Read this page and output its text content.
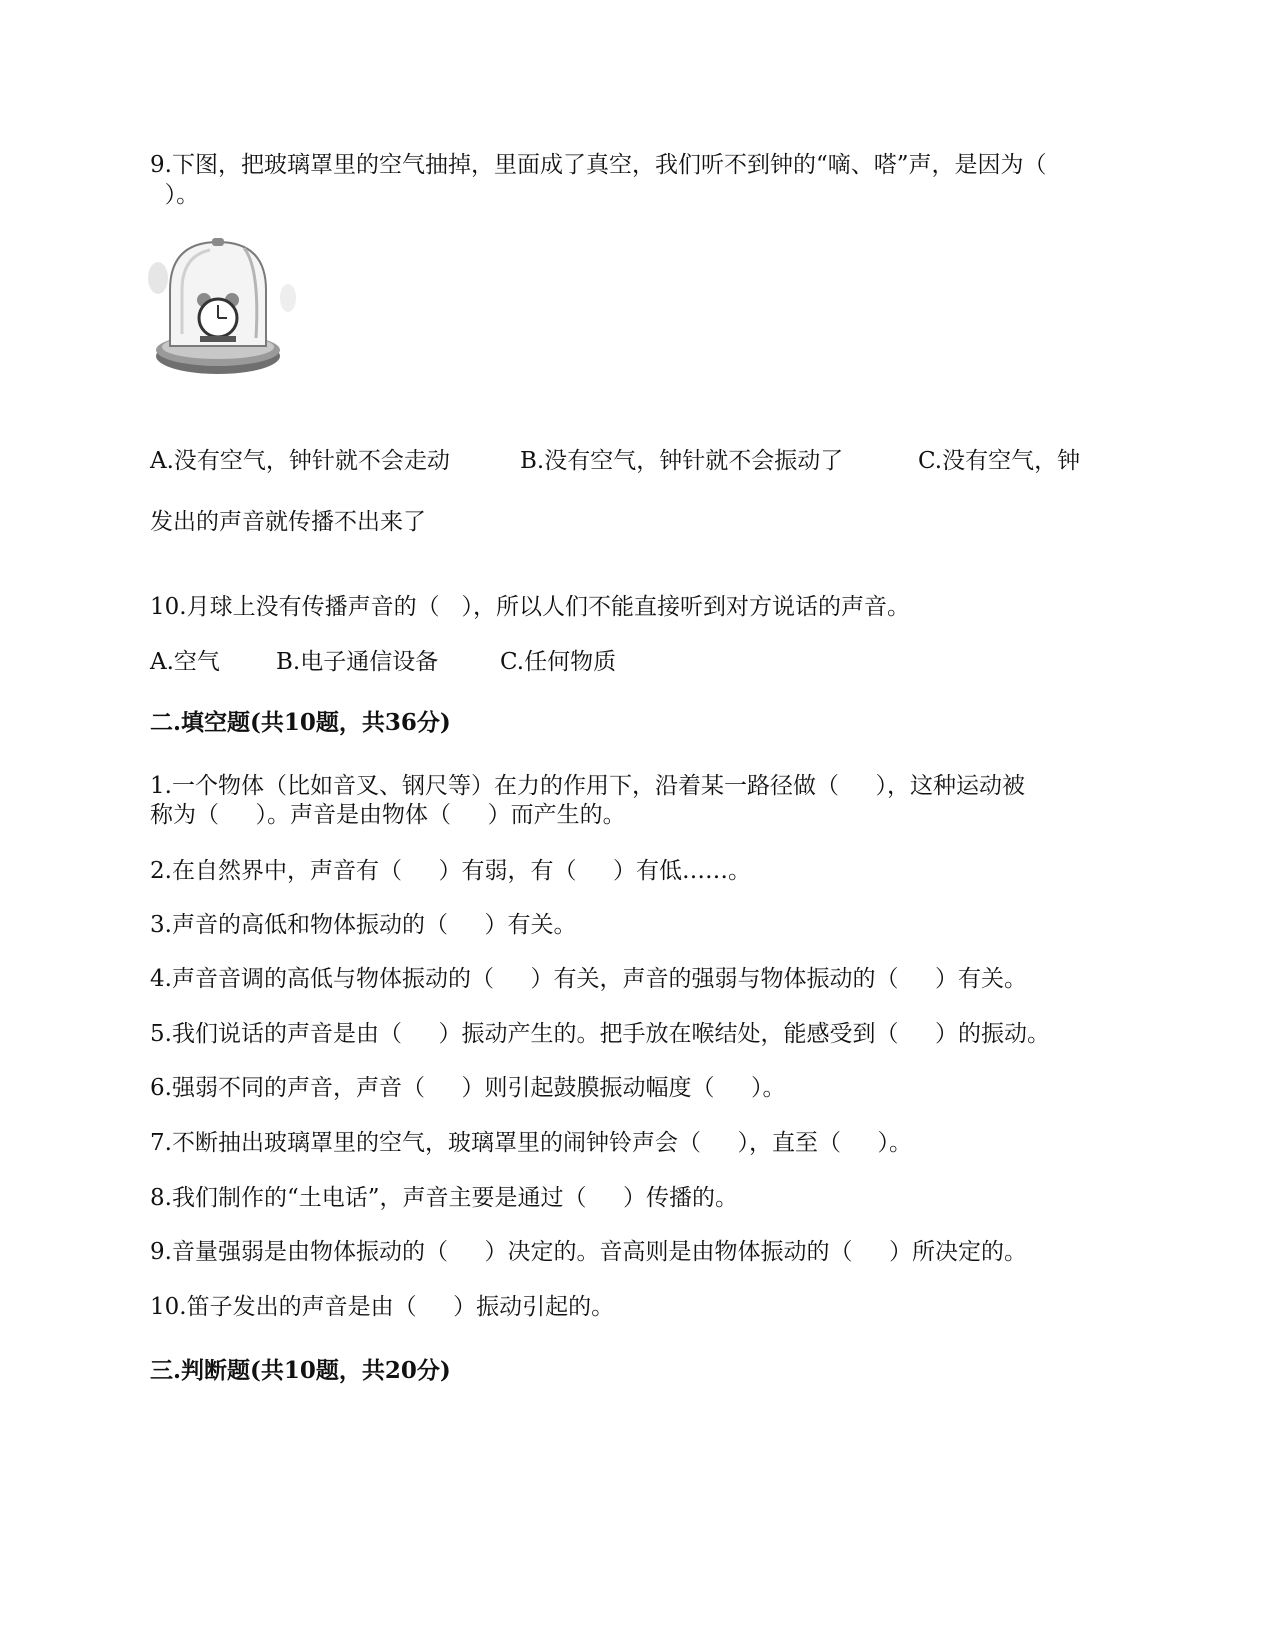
9.下图，把玻璃罩里的空气抽掉，里面成了真空，我们听不到钟的“嘀、嗒”声，是因为（
）。
A.没有空气，钟针就不会走动	B.没有空气，钟针就不会振动了	C.没有空气，钟
发出的声音就传播不出来了
10.月球上没有传播声音的（   ），所以人们不能直接听到对方说话的声音。
A.空气 B.电子通信设备	C.任何物质
二.填空题(共10题，共36分)
1.一个物体（比如音叉、钢尺等）在力的作用下，沿着某一路径做（     ），这种运动被
称为（     ）。声音是由物体（     ）而产生的。
2.在自然界中，声音有（     ）有弱，有（     ）有低……。
3.声音的高低和物体振动的（     ）有关。
4.声音音调的高低与物体振动的（     ）有关，声音的强弱与物体振动的（     ）有关。
5.我们说话的声音是由（     ）振动产生的。把手放在喉结处，能感受到（     ）的振动。
6.强弱不同的声音，声音（     ）则引起鼓膜振动幅度（     ）。
7.不断抽出玻璃罩里的空气，玻璃罩里的闹钟铃声会（     ），直至（     ）。
8.我们制作的“土电话”，声音主要是通过（     ）传播的。
9.音量强弱是由物体振动的（     ）决定的。音高则是由物体振动的（     ）所决定的。
10.笛子发出的声音是由（     ）振动引起的。
三.判断题(共10题，共20分)
